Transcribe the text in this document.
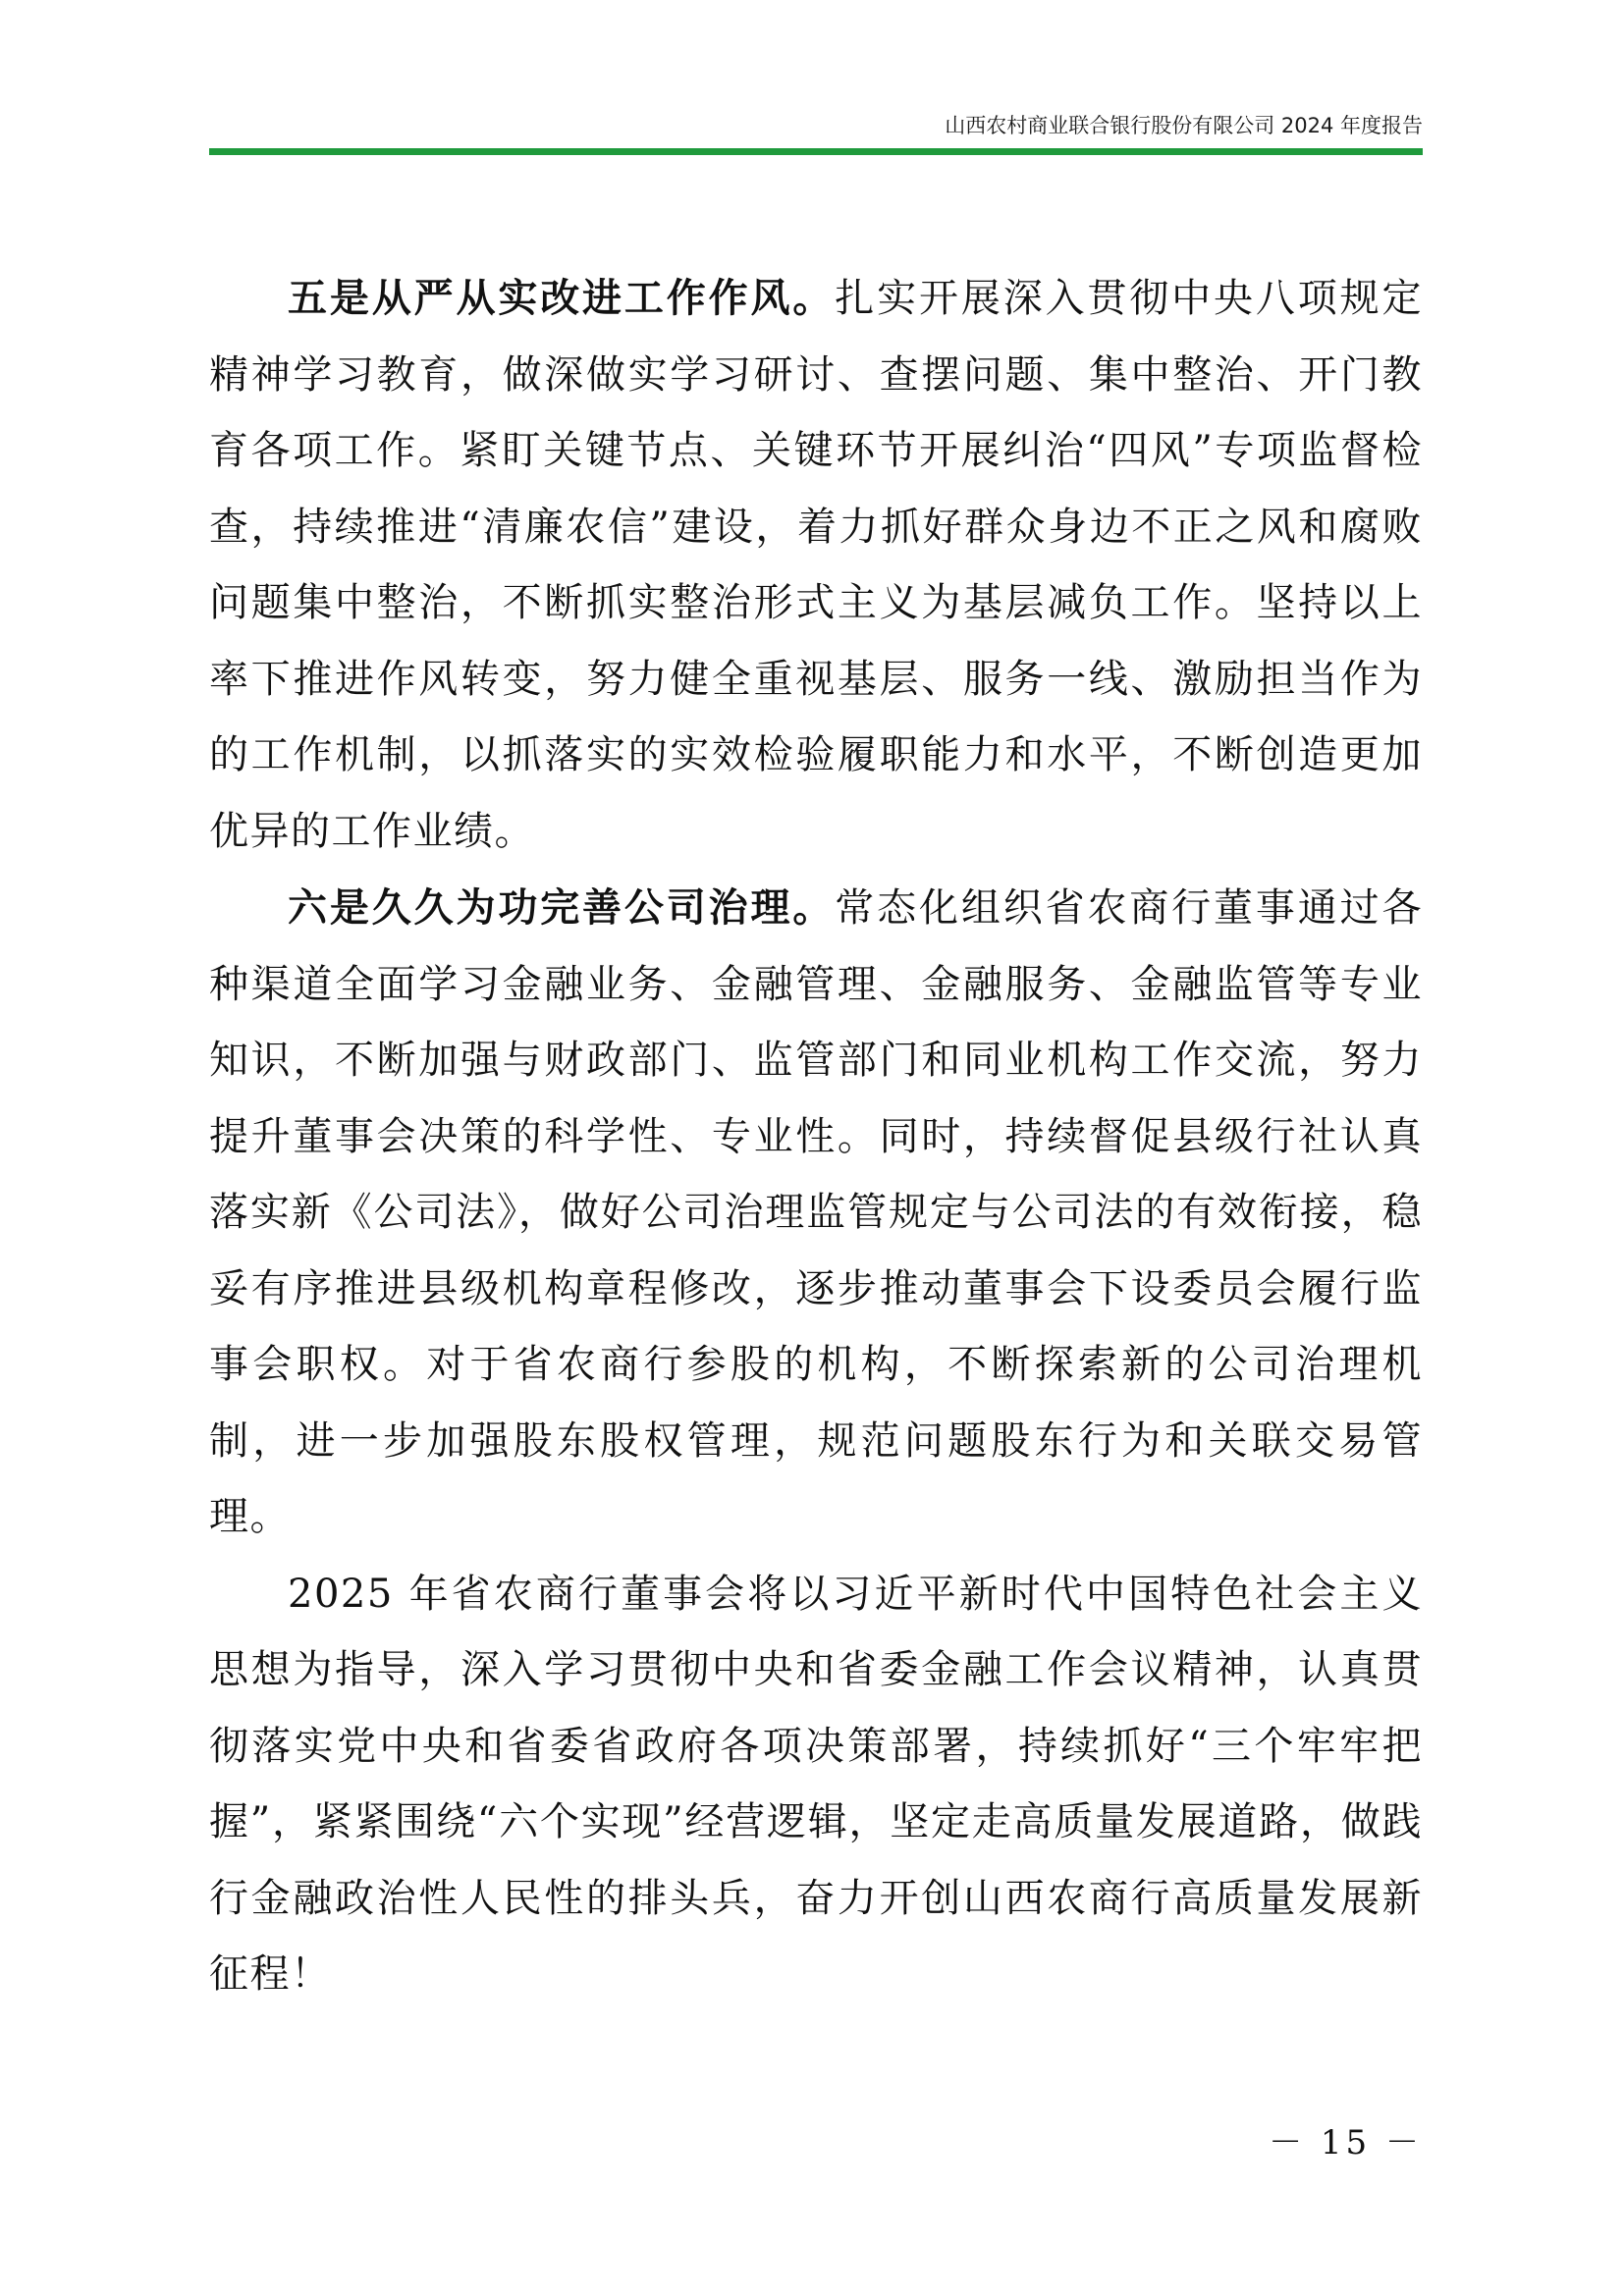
山西农村商业联合银行股份有限公司 2024 年度报告

五是从严从实改进工作作风。扎实开展深入贯彻中央八项规定精神学习教育，做深做实学习研讨、查摆问题、集中整治、开门教育各项工作。紧盯关键节点、关键环节开展纠治“四风”专项监督检查，持续推进“清廉农信”建设，着力抓好群众身边不正之风和腐败问题集中整治，不断抓实整治形式主义为基层减负工作。坚持以上率下推进作风转变，努力健全重视基层、服务一线、激励担当作为的工作机制，以抓落实的实效检验履职能力和水平，不断创造更加优异的工作业绩。

六是久久为功完善公司治理。常态化组织省农商行董事通过各种渠道全面学习金融业务、金融管理、金融服务、金融监管等专业知识，不断加强与财政部门、监管部门和同业机构工作交流，努力提升董事会决策的科学性、专业性。同时，持续督促县级行社认真落实新《公司法》，做好公司治理监管规定与公司法的有效衔接，稳妥有序推进县级机构章程修改，逐步推动董事会下设委员会履行监事会职权。对于省农商行参股的机构，不断探索新的公司治理机制，进一步加强股东股权管理，规范问题股东行为和关联交易管理。

2025 年省农商行董事会将以习近平新时代中国特色社会主义思想为指导，深入学习贯彻中央和省委金融工作会议精神，认真贯彻落实党中央和省委省政府各项决策部署，持续抓好“三个牢牢把握”，紧紧围绕“六个实现”经营逻辑，坚定走高质量发展道路，做践行金融政治性人民性的排头兵，奋力开创山西农商行高质量发展新征程！

－ 15 －
